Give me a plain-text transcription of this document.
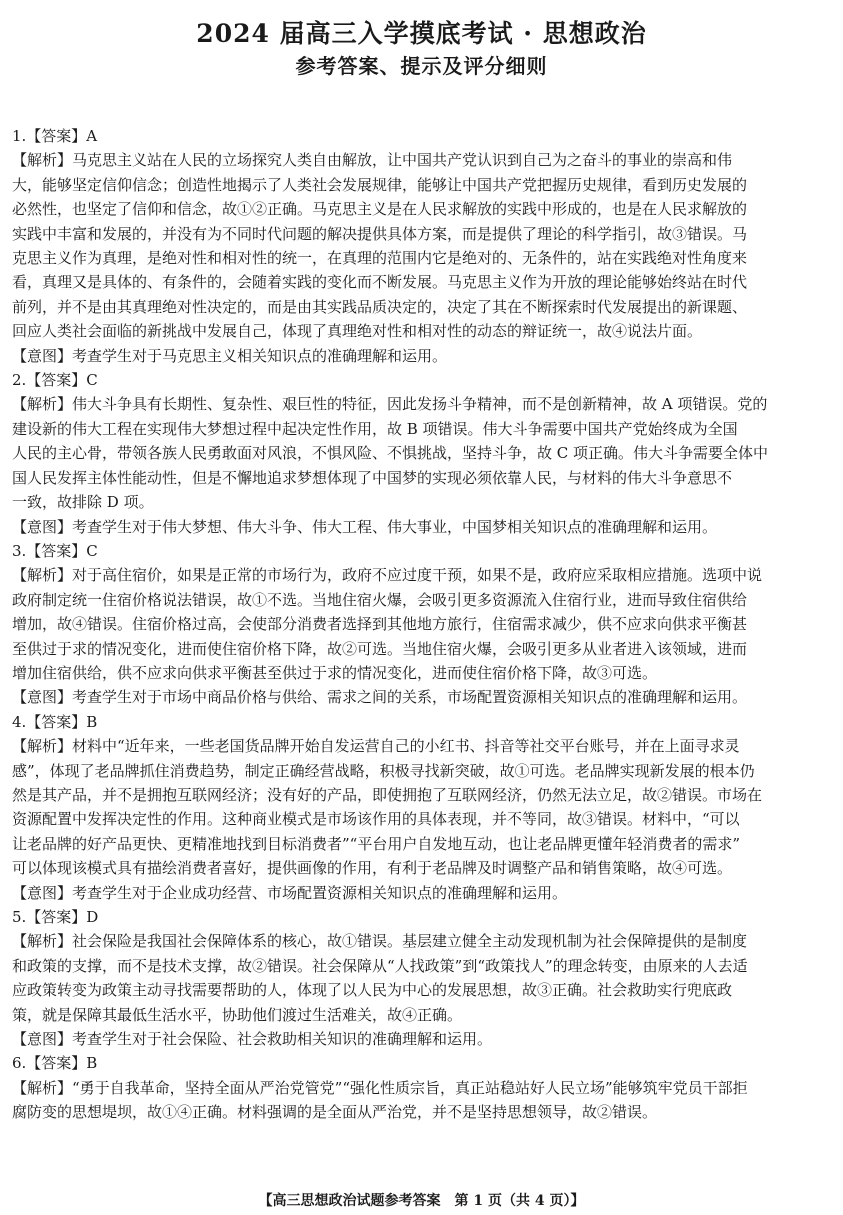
2024 届高三入学摸底考试 · 思想政治
参考答案、提示及评分细则
1.【答案】A
【解析】马克思主义站在人民的立场探究人类自由解放，让中国共产党认识到自己为之奋斗的事业的崇高和伟
大，能够坚定信仰信念；创造性地揭示了人类社会发展规律，能够让中国共产党把握历史规律，看到历史发展的
必然性，也坚定了信仰和信念，故①②正确。马克思主义是在人民求解放的实践中形成的，也是在人民求解放的
实践中丰富和发展的，并没有为不同时代问题的解决提供具体方案，而是提供了理论的科学指引，故③错误。马
克思主义作为真理，是绝对性和相对性的统一，在真理的范围内它是绝对的、无条件的，站在实践绝对性角度来
看，真理又是具体的、有条件的，会随着实践的变化而不断发展。马克思主义作为开放的理论能够始终站在时代
前列，并不是由其真理绝对性决定的，而是由其实践品质决定的，决定了其在不断探索时代发展提出的新课题、
回应人类社会面临的新挑战中发展自己，体现了真理绝对性和相对性的动态的辩证统一，故④说法片面。
【意图】考查学生对于马克思主义相关知识点的准确理解和运用。
2.【答案】C
【解析】伟大斗争具有长期性、复杂性、艰巨性的特征，因此发扬斗争精神，而不是创新精神，故 A 项错误。党的
建设新的伟大工程在实现伟大梦想过程中起决定性作用，故 B 项错误。伟大斗争需要中国共产党始终成为全国
人民的主心骨，带领各族人民勇敢面对风浪，不惧风险、不惧挑战，坚持斗争，故 C 项正确。伟大斗争需要全体中
国人民发挥主体性能动性，但是不懈地追求梦想体现了中国梦的实现必须依靠人民，与材料的伟大斗争意思不
一致，故排除 D 项。
【意图】考查学生对于伟大梦想、伟大斗争、伟大工程、伟大事业，中国梦相关知识点的准确理解和运用。
3.【答案】C
【解析】对于高住宿价，如果是正常的市场行为，政府不应过度干预，如果不是，政府应采取相应措施。选项中说
政府制定统一住宿价格说法错误，故①不选。当地住宿火爆，会吸引更多资源流入住宿行业，进而导致住宿供给
增加，故④错误。住宿价格过高，会使部分消费者选择到其他地方旅行，住宿需求减少，供不应求向供求平衡甚
至供过于求的情况变化，进而使住宿价格下降，故②可选。当地住宿火爆，会吸引更多从业者进入该领域，进而
增加住宿供给，供不应求向供求平衡甚至供过于求的情况变化，进而使住宿价格下降，故③可选。
【意图】考查学生对于市场中商品价格与供给、需求之间的关系，市场配置资源相关知识点的准确理解和运用。
4.【答案】B
【解析】材料中“近年来，一些老国货品牌开始自发运营自己的小红书、抖音等社交平台账号，并在上面寻求灵
感”，体现了老品牌抓住消费趋势，制定正确经营战略，积极寻找新突破，故①可选。老品牌实现新发展的根本仍
然是其产品，并不是拥抱互联网经济；没有好的产品，即使拥抱了互联网经济，仍然无法立足，故②错误。市场在
资源配置中发挥决定性的作用。这种商业模式是市场该作用的具体表现，并不等同，故③错误。材料中，“可以
让老品牌的好产品更快、更精准地找到目标消费者”“平台用户自发地互动，也让老品牌更懂年轻消费者的需求”
可以体现该模式具有描绘消费者喜好，提供画像的作用，有利于老品牌及时调整产品和销售策略，故④可选。
【意图】考查学生对于企业成功经营、市场配置资源相关知识点的准确理解和运用。
5.【答案】D
【解析】社会保险是我国社会保障体系的核心，故①错误。基层建立健全主动发现机制为社会保障提供的是制度
和政策的支撑，而不是技术支撑，故②错误。社会保障从“人找政策”到“政策找人”的理念转变，由原来的人去适
应政策转变为政策主动寻找需要帮助的人，体现了以人民为中心的发展思想，故③正确。社会救助实行兜底政
策，就是保障其最低生活水平，协助他们渡过生活难关，故④正确。
【意图】考查学生对于社会保险、社会救助相关知识的准确理解和运用。
6.【答案】B
【解析】“勇于自我革命，坚持全面从严治党管党”“强化性质宗旨，真正站稳站好人民立场”能够筑牢党员干部拒
腐防变的思想堤坝，故①④正确。材料强调的是全面从严治党，并不是坚持思想领导，故②错误。
【高三思想政治试题参考答案　第 1 页（共 4 页）】
